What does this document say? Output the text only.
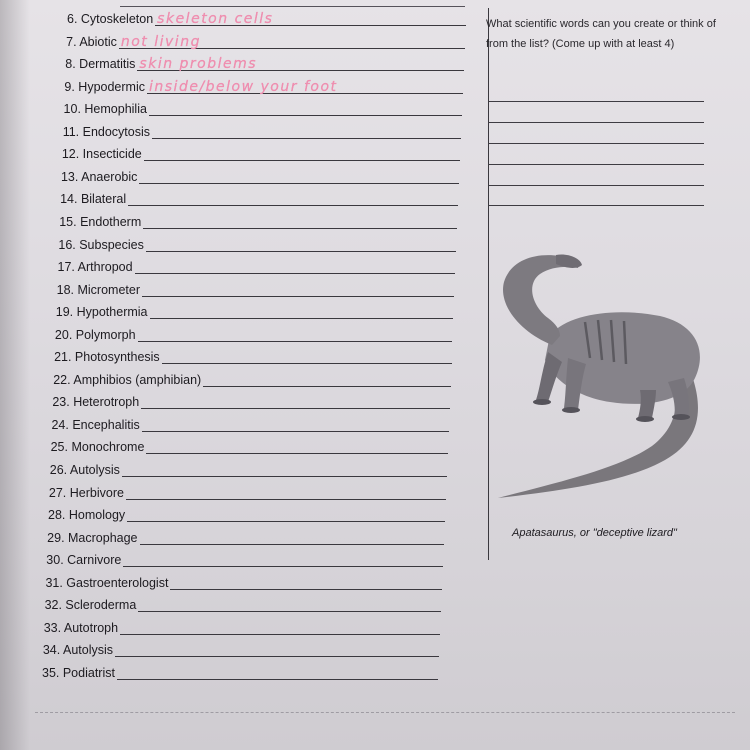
6. Cytoskeleton skeleton cells
7. Abiotic not living
8. Dermatitis skin problems
9. Hypodermic inside/below your foot
10. Hemophilia
11. Endocytosis
12. Insecticide
13. Anaerobic
14. Bilateral
15. Endotherm
16. Subspecies
17. Arthropod
18. Micrometer
19. Hypothermia
20. Polymorph
21. Photosynthesis
22. Amphibios (amphibian)
23. Heterotroph
24. Encephalitis
25. Monochrome
26. Autolysis
27. Herbivore
28. Homology
29. Macrophage
30. Carnivore
31. Gastroenterologist
32. Scleroderma
33. Autotroph
34. Autolysis
35. Podiatrist
What scientific words can you create or think of from the list? (Come up with at least 4)
Apatasaurus, or "deceptive lizard"
